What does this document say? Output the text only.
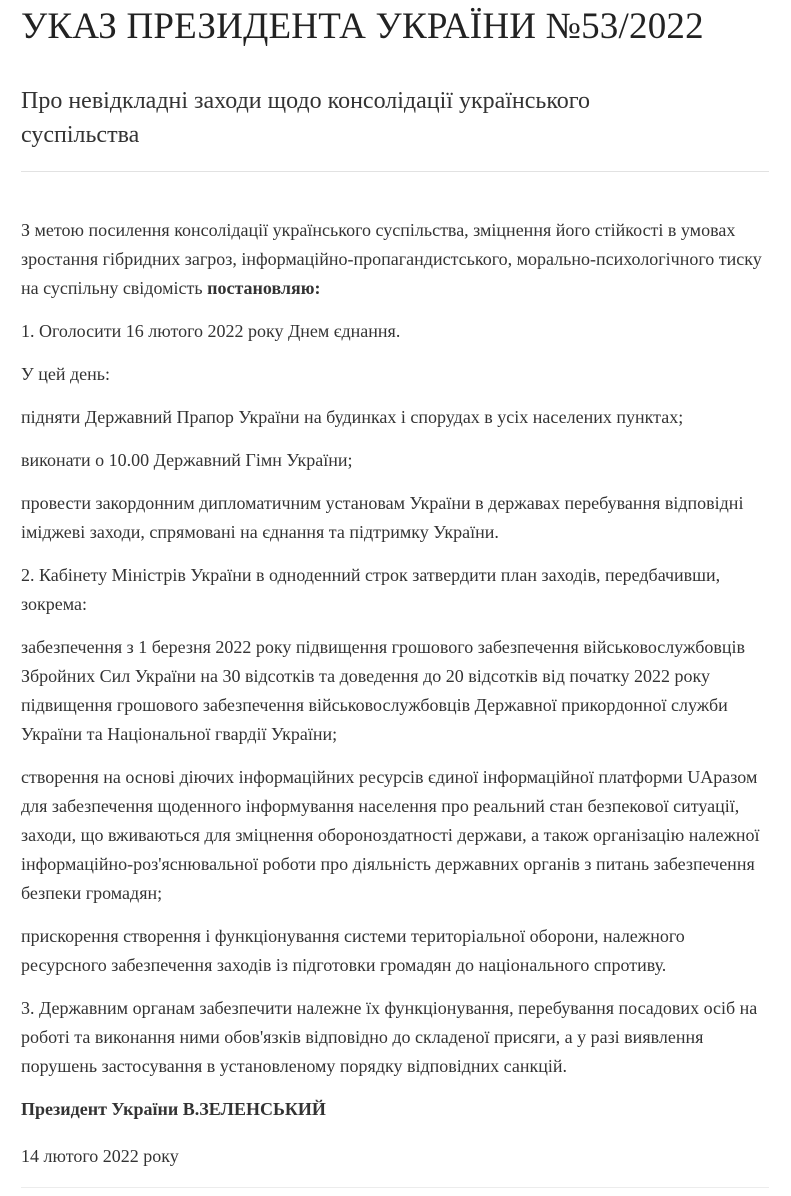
УКАЗ ПРЕЗИДЕНТА УКРАЇНИ №53/2022
Про невідкладні заходи щодо консолідації українського суспільства

З метою посилення консолідації українського суспільства, зміцнення його стійкості в умовах зростання гібридних загроз, інформаційно-пропагандистського, морально-психологічного тиску на суспільну свідомість постановляю:

1. Оголосити 16 лютого 2022 року Днем єднання.

У цей день:

підняти Державний Прапор України на будинках і спорудах в усіх населених пунктах;

виконати о 10.00 Державний Гімн України;

провести закордонним дипломатичним установам України в державах перебування відповідні іміджеві заходи, спрямовані на єднання та підтримку України.

2. Кабінету Міністрів України в одноденний строк затвердити план заходів, передбачивши, зокрема:

забезпечення з 1 березня 2022 року підвищення грошового забезпечення військовослужбовців Збройних Сил України на 30 відсотків та доведення до 20 відсотків від початку 2022 року підвищення грошового забезпечення військовослужбовців Державної прикордонної служби України та Національної гвардії України;

створення на основі діючих інформаційних ресурсів єдиної інформаційної платформи UAразом для забезпечення щоденного інформування населення про реальний стан безпекової ситуації, заходи, що вживаються для зміцнення обороноздатності держави, а також організацію належної інформаційно-роз'яснювальної роботи про діяльність державних органів з питань забезпечення безпеки громадян;

прискорення створення і функціонування системи територіальної оборони, належного ресурсного забезпечення заходів із підготовки громадян до національного спротиву.

3. Державним органам забезпечити належне їх функціонування, перебування посадових осіб на роботі та виконання ними обов'язків відповідно до складеної присяги, а у разі виявлення порушень застосування в установленому порядку відповідних санкцій.

Президент України В.ЗЕЛЕНСЬКИЙ

14 лютого 2022 року
